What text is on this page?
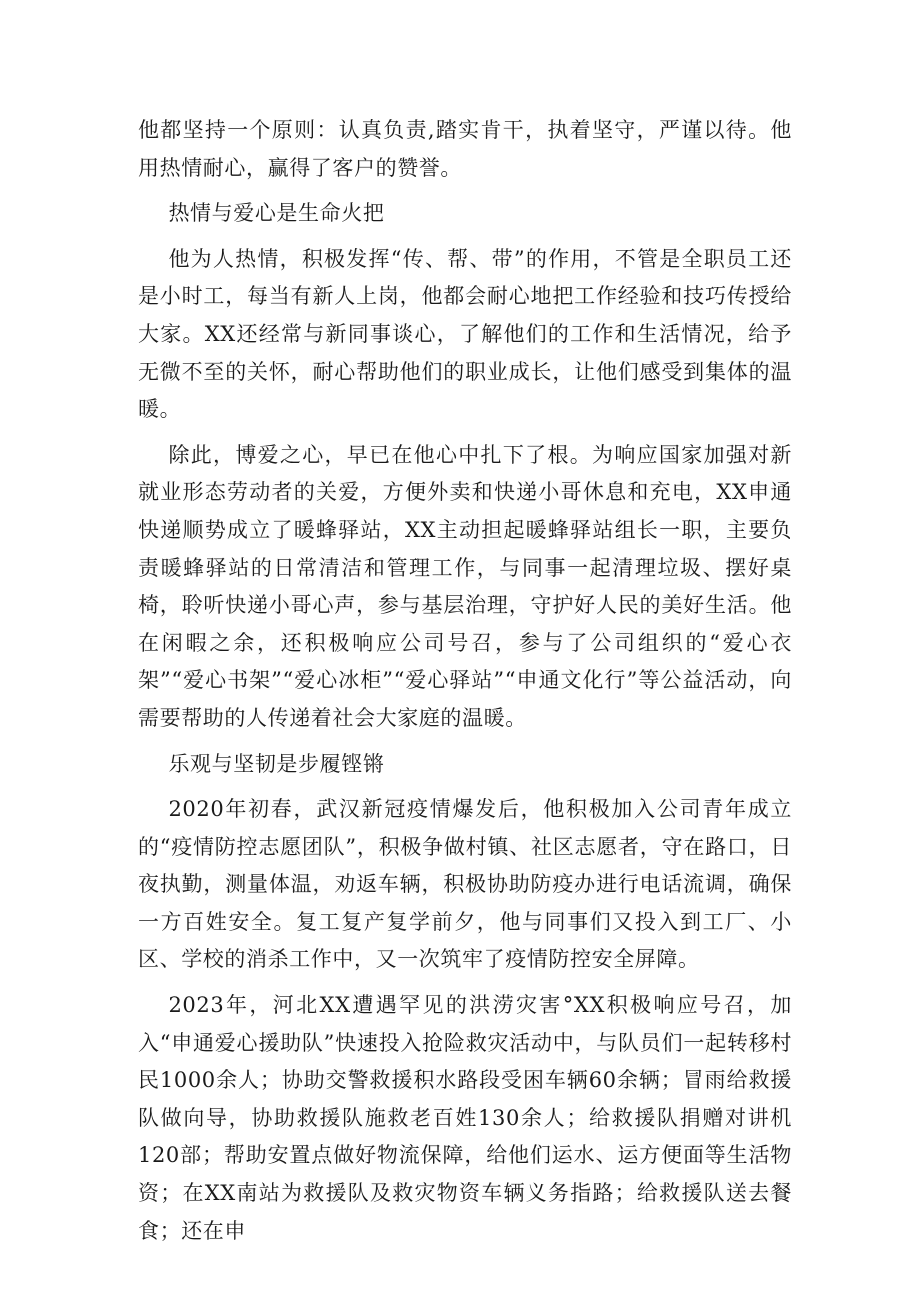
他都坚持一个原则：认真负责,踏实肯干，执着坚守，严谨以待。他用热情耐心，赢得了客户的赞誉。

热情与爱心是生命火把

他为人热情，积极发挥“传、帮、带”的作用，不管是全职员工还是小时工，每当有新人上岗，他都会耐心地把工作经验和技巧传授给大家。XX还经常与新同事谈心，了解他们的工作和生活情况，给予无微不至的关怀，耐心帮助他们的职业成长，让他们感受到集体的温暖。

除此，博爱之心，早已在他心中扎下了根。为响应国家加强对新就业形态劳动者的关爱，方便外卖和快递小哥休息和充电，XX申通快递顺势成立了暖蜂驿站，XX主动担起暖蜂驿站组长一职，主要负责暖蜂驿站的日常清洁和管理工作，与同事一起清理垃圾、摆好桌椅，聆听快递小哥心声，参与基层治理，守护好人民的美好生活。他在闲暇之余，还积极响应公司号召，参与了公司组织的“爱心衣架”“爱心书架”“爱心冰柜”“爱心驿站”“申通文化行”等公益活动，向需要帮助的人传递着社会大家庭的温暖。

乐观与坚韧是步履铿锵

2020年初春，武汉新冠疫情爆发后，他积极加入公司青年成立的“疫情防控志愿团队”，积极争做村镇、社区志愿者，守在路口，日夜执勤，测量体温，劝返车辆，积极协助防疫办进行电话流调，确保一方百姓安全。复工复产复学前夕，他与同事们又投入到工厂、小区、学校的消杀工作中，又一次筑牢了疫情防控安全屏障。

2023年，河北XX遭遇罕见的洪涝灾害°XX积极响应号召，加入“申通爱心援助队”快速投入抢险救灾活动中，与队员们一起转移村民1000余人；协助交警救援积水路段受困车辆60余辆；冒雨给救援队做向导，协助救援队施救老百姓130余人；给救援队捐赠对讲机120部；帮助安置点做好物流保障，给他们运水、运方便面等生活物资；在XX南站为救援队及救灾物资车辆义务指路；给救援队送去餐食；还在申
